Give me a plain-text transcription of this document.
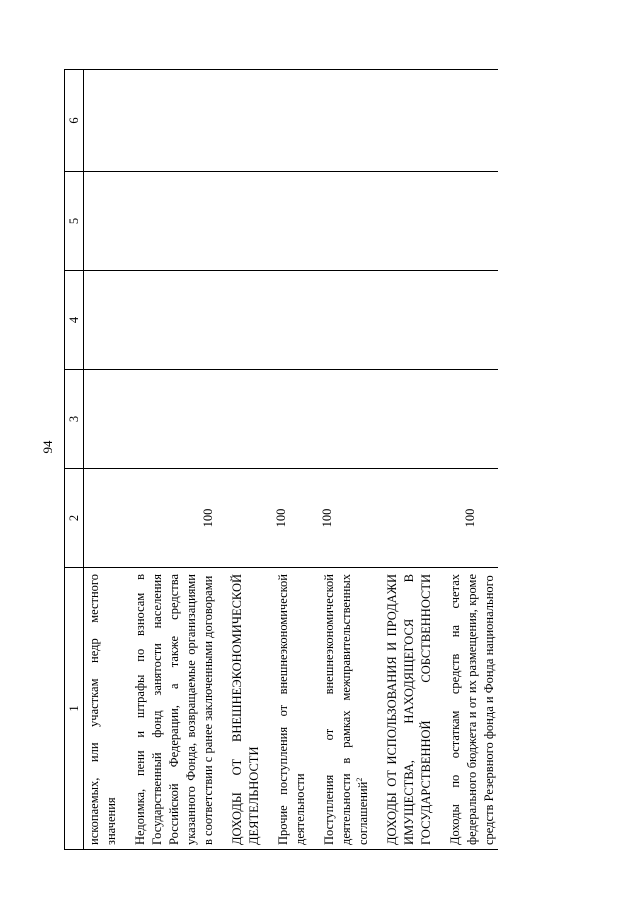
94
1	2	3	4	5	6

ископаемых, или участкам недр местного значения					

Недоимка, пени и штрафы по взносам в Государственный фонд занятости населения Российской Федерации, а также средства указанного Фонда, возвращаемые организациями в соответствии с ранее заключенными договорами	100				

ДОХОДЫ ОТ ВНЕШНЕЭКОНОМИЧЕСКОЙ ДЕЯТЕЛЬНОСТИ					

Прочие поступления от внешнеэкономической деятельности	100				

Поступления от внешнеэкономической деятельности в рамках межправительственных соглашений$^2$	100				

ДОХОДЫ ОТ ИСПОЛЬЗОВАНИЯ И ПРОДАЖИ ИМУЩЕСТВА, НАХОДЯЩЕГОСЯ В ГОСУДАРСТВЕННОЙ СОБСТВЕННОСТИ					

Доходы по остаткам средств на счетах федерального бюджета и от их размещения, кроме средств Резервного фонда и Фонда национального	100				
